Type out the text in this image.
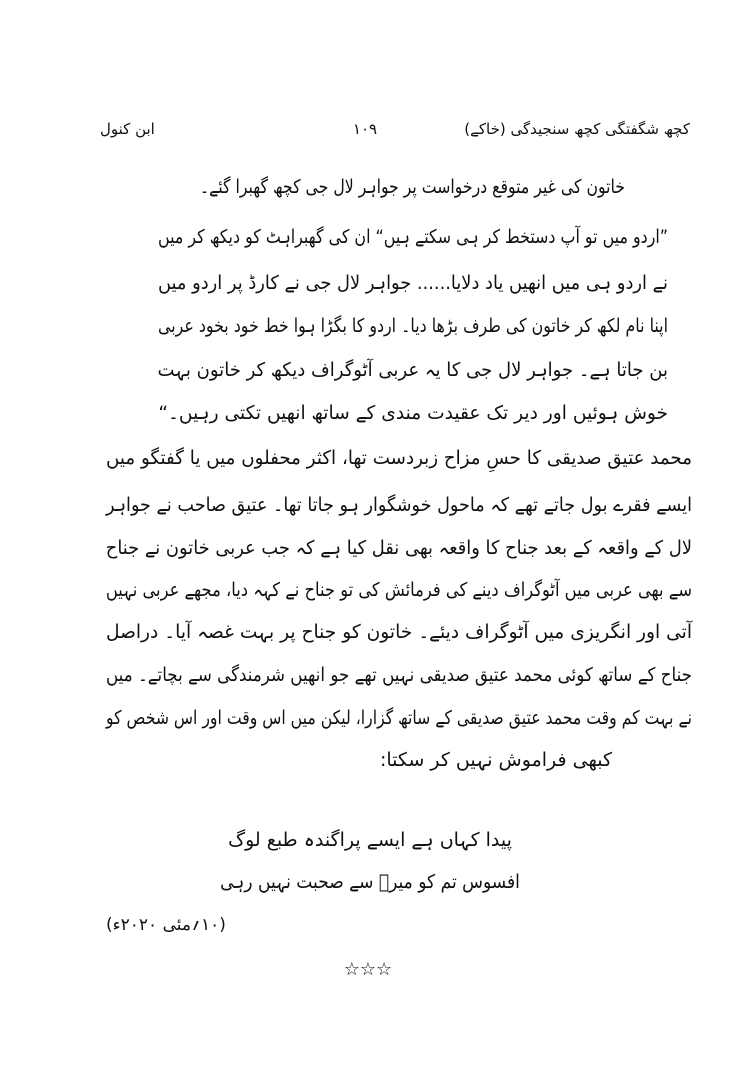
ابن کنول	۱۰۹	کچھ شگفتگی کچھ سنجیدگی (خاکے)
خاتون کی غیر متوقع درخواست پر جواہر لال جی کچھ گھبرا گئے۔
”اردو میں تو آپ دستخط کر ہی سکتے ہیں“ ان کی گھبراہٹ کو دیکھ کر میں
نے اردو ہی میں انھیں یاد دلایا...... جواہر لال جی نے کارڈ پر اردو میں
اپنا نام لکھ کر خاتون کی طرف بڑھا دیا۔ اردو کا بگڑا ہوا خط خود بخود عربی
بن جاتا ہے۔ جواہر لال جی کا یہ عربی آٹوگراف دیکھ کر خاتون بہت
خوش ہوئیں اور دیر تک عقیدت مندی کے ساتھ انھیں تکتی رہیں۔“
محمد عتیق صدیقی کا حسِ مزاح زبردست تھا، اکثر محفلوں میں یا گفتگو میں
ایسے فقرے بول جاتے تھے کہ ماحول خوشگوار ہو جاتا تھا۔ عتیق صاحب نے جواہر
لال کے واقعہ کے بعد جناح کا واقعہ بھی نقل کیا ہے کہ جب عربی خاتون نے جناح
سے بھی عربی میں آٹوگراف دینے کی فرمائش کی تو جناح نے کہہ دیا، مجھے عربی نہیں
آتی اور انگریزی میں آٹوگراف دیئے۔ خاتون کو جناح پر بہت غصہ آیا۔ دراصل
جناح کے ساتھ کوئی محمد عتیق صدیقی نہیں تھے جو انھیں شرمندگی سے بچاتے۔ میں
نے بہت کم وقت محمد عتیق صدیقی کے ساتھ گزارا، لیکن میں اس وقت اور اس شخص کو
کبھی فراموش نہیں کر سکتا:
پیدا کہاں ہے ایسے پراگندہ طبع لوگ
افسوس تم کو میرؔ سے صحبت نہیں رہی
(۱۰؍مئی ۲۰۲۰ء)
☆☆☆
